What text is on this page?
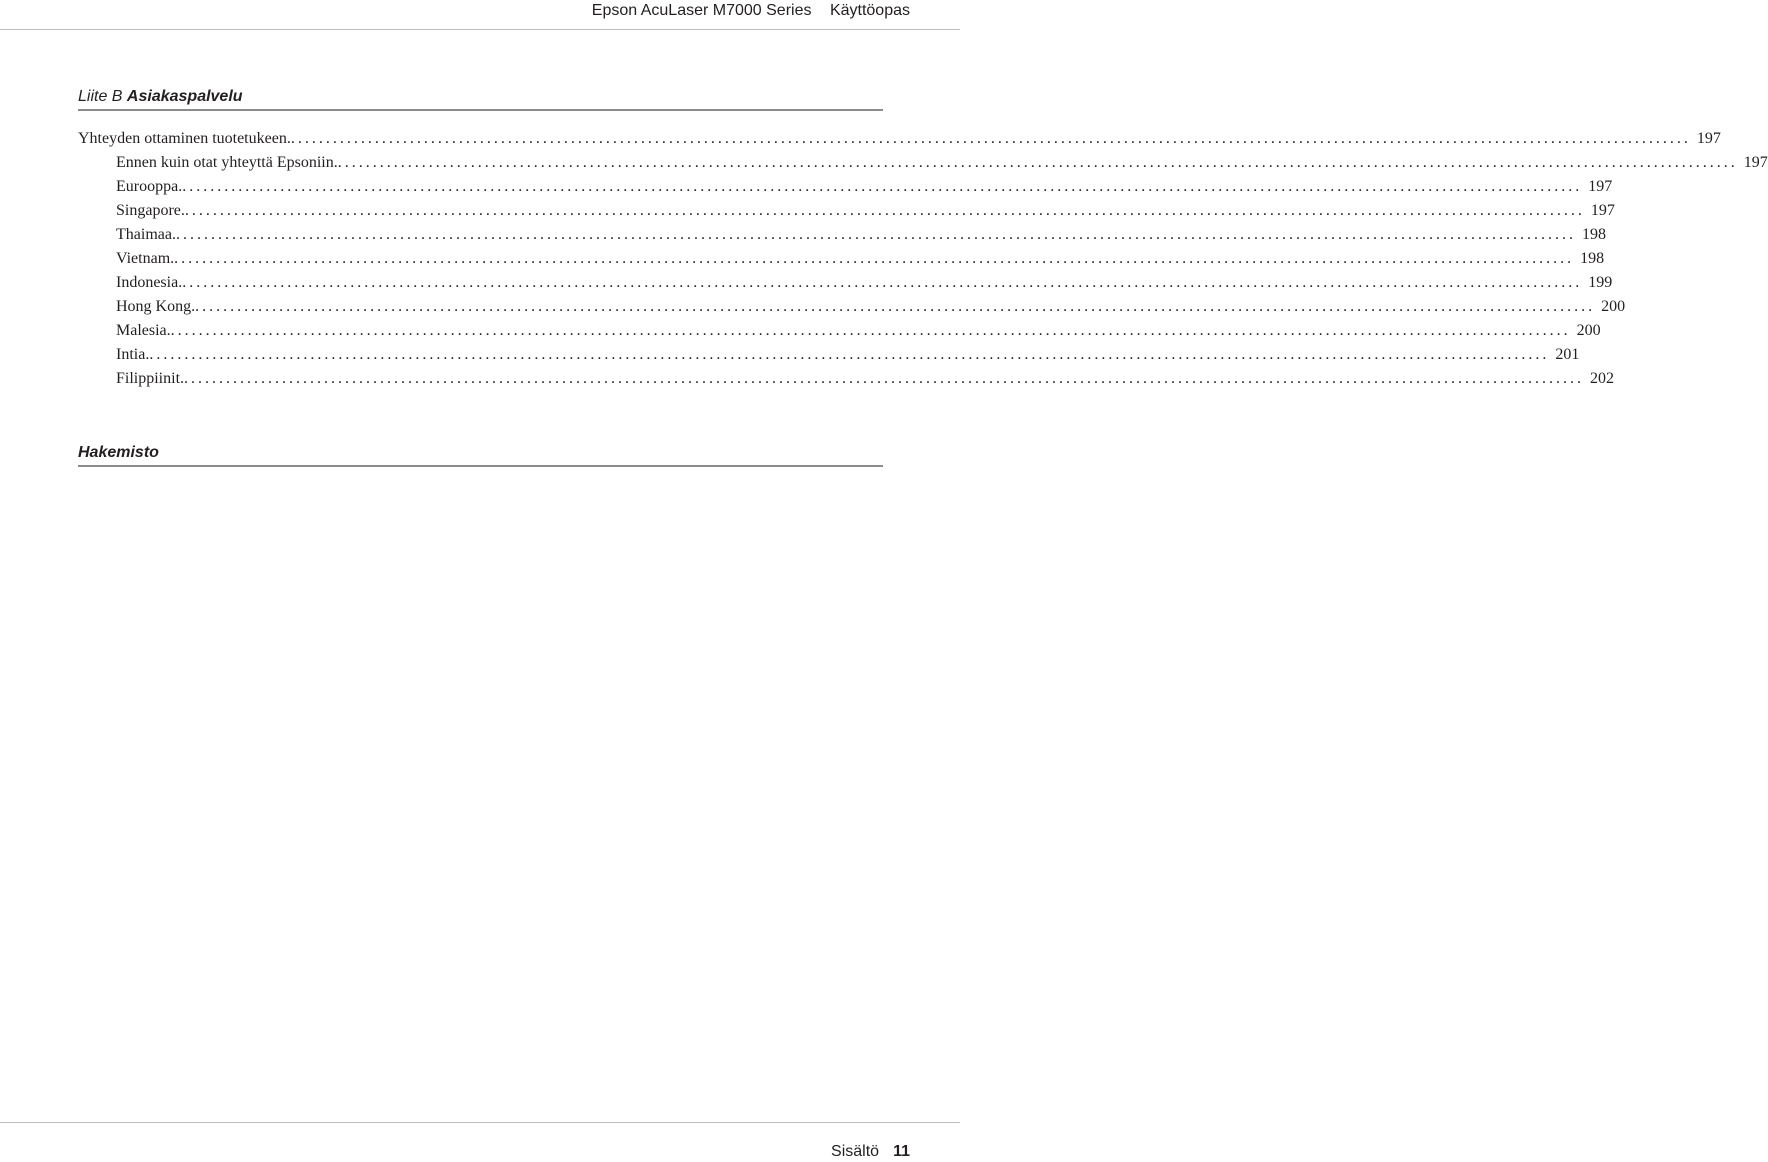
Epson AcuLaser M7000 Series Käyttöopas
Liite B Asiakaspalvelu
Yhteyden ottaminen tuotetukeen. ........................................................................................................................................................................................................ 197
Ennen kuin otat yhteyttä Epsoniin. ........................................................................................................................................................................................................ 197
Eurooppa. ........................................................................................................................................................................................................ 197
Singapore. ........................................................................................................................................................................................................ 197
Thaimaa. ........................................................................................................................................................................................................ 198
Vietnam. ........................................................................................................................................................................................................ 198
Indonesia. ........................................................................................................................................................................................................ 199
Hong Kong. ........................................................................................................................................................................................................ 200
Malesia. ........................................................................................................................................................................................................ 200
Intia. ........................................................................................................................................................................................................ 201
Filippiinit. ........................................................................................................................................................................................................ 202
Hakemisto
Sisältö 11
